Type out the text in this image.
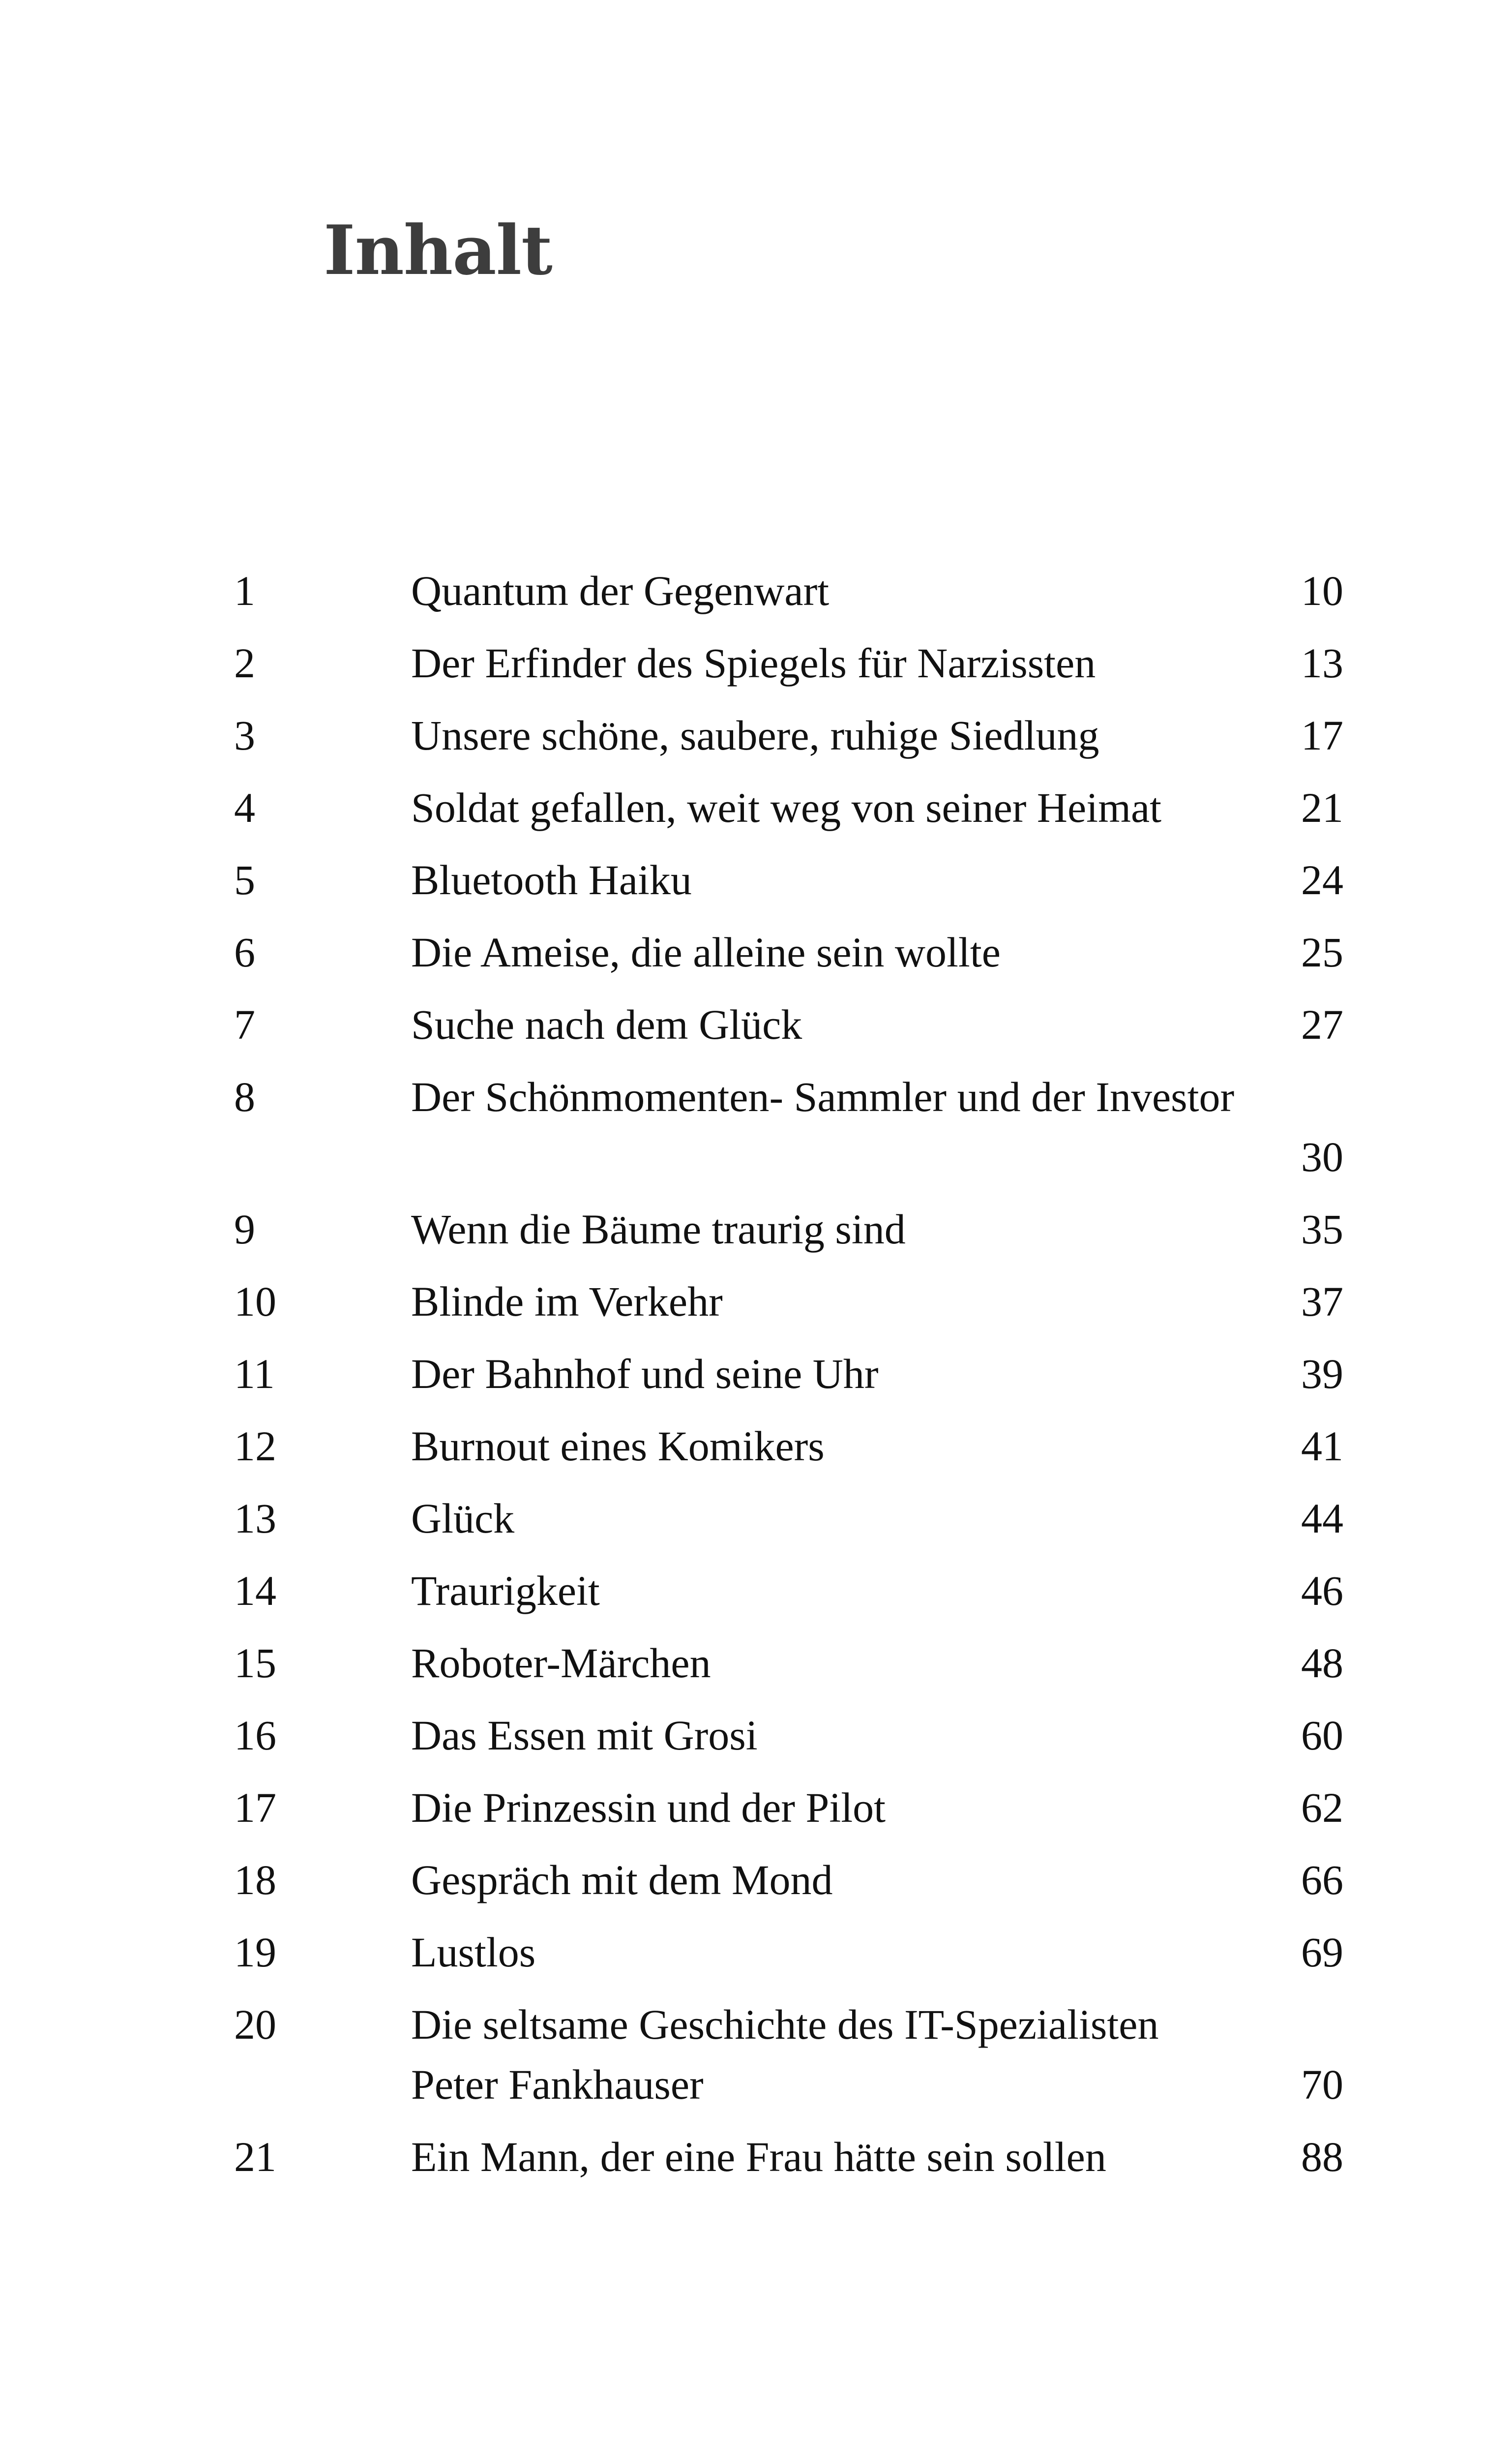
Inhalt
1	Quantum der Gegenwart	10
2	Der Erfinder des Spiegels für Narzissten	13
3	Unsere schöne, saubere, ruhige Siedlung	17
4	Soldat gefallen, weit weg von seiner Heimat	21
5	Bluetooth Haiku	24
6	Die Ameise, die alleine sein wollte	25
7	Suche nach dem Glück	27
8	Der Schönmomenten- Sammler und der Investor
30
9	Wenn die Bäume traurig sind	35
10	Blinde im Verkehr	37
11	Der Bahnhof und seine Uhr	39
12	Burnout eines Komikers	41
13	Glück	44
14	Traurigkeit	46
15	Roboter-Märchen	48
16	Das Essen mit Grosi	60
17	Die Prinzessin und der Pilot	62
18	Gespräch mit dem Mond	66
19	Lustlos	69
20	Die seltsame Geschichte des IT-Spezialisten
Peter Fankhauser	70
21	Ein Mann, der eine Frau hätte sein sollen	88
